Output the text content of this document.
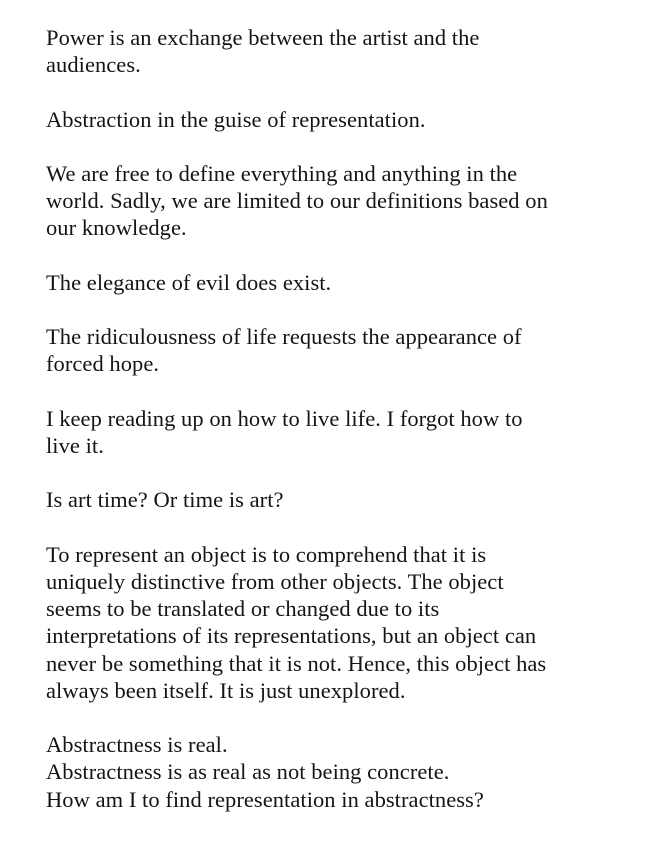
Power is an exchange between the artist and the
audiences.

Abstraction in the guise of representation.

We are free to define everything and anything in the
world. Sadly, we are limited to our definitions based on
our knowledge.

The elegance of evil does exist.

The ridiculousness of life requests the appearance of
forced hope.

I keep reading up on how to live life. I forgot how to
live it.

Is art time? Or time is art?

To represent an object is to comprehend that it is
uniquely distinctive from other objects. The object
seems to be translated or changed due to its
interpretations of its representations, but an object can
never be something that it is not. Hence, this object has
always been itself. It is just unexplored.

Abstractness is real.
Abstractness is as real as not being concrete.
How am I to find representation in abstractness?
